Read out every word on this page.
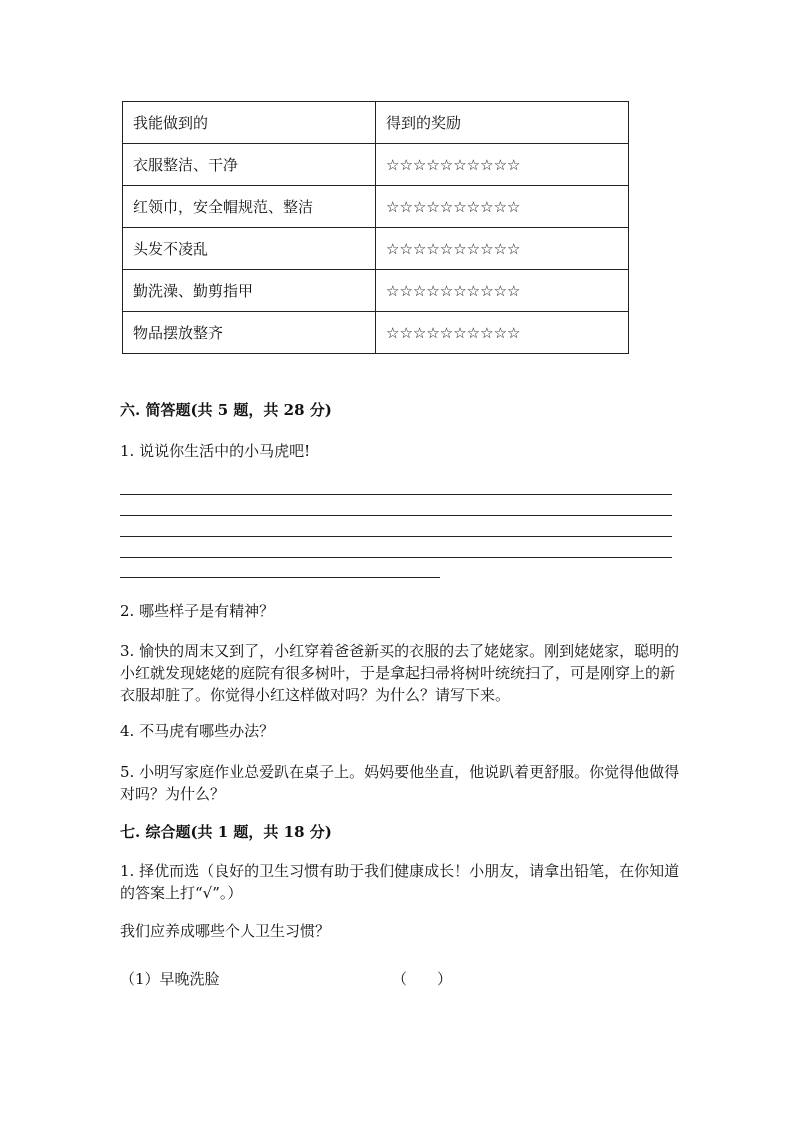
我能做到的	得到的奖励
衣服整洁、干净	☆☆☆☆☆☆☆☆☆☆
红领巾，安全帽规范、整洁	☆☆☆☆☆☆☆☆☆☆
头发不凌乱	☆☆☆☆☆☆☆☆☆☆
勤洗澡、勤剪指甲	☆☆☆☆☆☆☆☆☆☆
物品摆放整齐	☆☆☆☆☆☆☆☆☆☆
六. 简答题(共 5 题，共 28 分)
1. 说说你生活中的小马虎吧!
2. 哪些样子是有精神？
3. 愉快的周末又到了，小红穿着爸爸新买的衣服的去了姥姥家。刚到姥姥家，聪明的小红就发现姥姥的庭院有很多树叶，于是拿起扫帚将树叶统统扫了，可是刚穿上的新衣服却脏了。你觉得小红这样做对吗？为什么？请写下来。
4. 不马虎有哪些办法？
5. 小明写家庭作业总爱趴在桌子上。妈妈要他坐直，他说趴着更舒服。你觉得他做得对吗？为什么？
七. 综合题(共 1 题，共 18 分)
1. 择优而选（良好的卫生习惯有助于我们健康成长！小朋友，请拿出铅笔，在你知道的答案上打“√”。）
我们应养成哪些个人卫生习惯？
（1）早晚洗脸	（　　）
